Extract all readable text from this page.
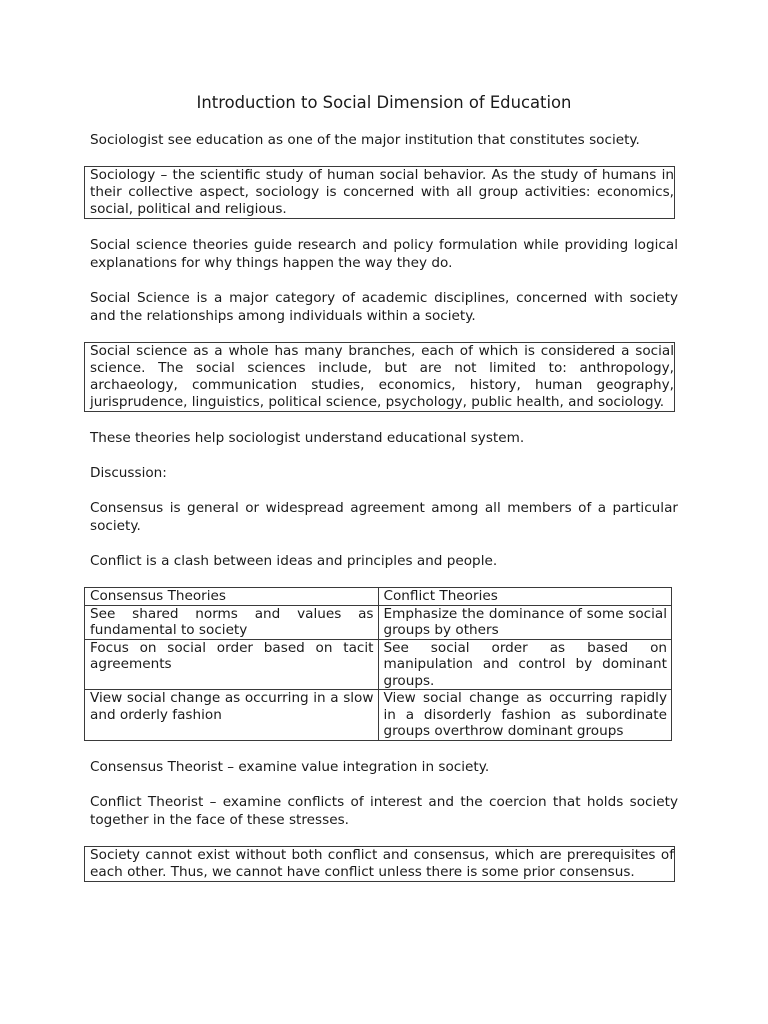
Introduction to Social Dimension of Education

Sociologist see education as one of the major institution that constitutes society.

Sociology – the scientific study of human social behavior. As the study of humans in their collective aspect, sociology is concerned with all group activities: economics, social, political and religious.

Social science theories guide research and policy formulation while providing logical explanations for why things happen the way they do.

Social Science is a major category of academic disciplines, concerned with society and the relationships among individuals within a society.

Social science as a whole has many branches, each of which is considered a social science. The social sciences include, but are not limited to: anthropology, archaeology, communication studies, economics, history, human geography, jurisprudence, linguistics, political science, psychology, public health, and sociology.

These theories help sociologist understand educational system.

Discussion:

Consensus is general or widespread agreement among all members of a particular society.

Conflict is a clash between ideas and principles and people.

Consensus Theories	Conflict Theories
See shared norms and values as fundamental to society	Emphasize the dominance of some social groups by others
Focus on social order based on tacit agreements	See social order as based on manipulation and control by dominant groups.
View social change as occurring in a slow and orderly fashion	View social change as occurring rapidly in a disorderly fashion as subordinate groups overthrow dominant groups

Consensus Theorist – examine value integration in society.

Conflict Theorist – examine conflicts of interest and the coercion that holds society together in the face of these stresses.

Society cannot exist without both conflict and consensus, which are prerequisites of each other. Thus, we cannot have conflict unless there is some prior consensus.
